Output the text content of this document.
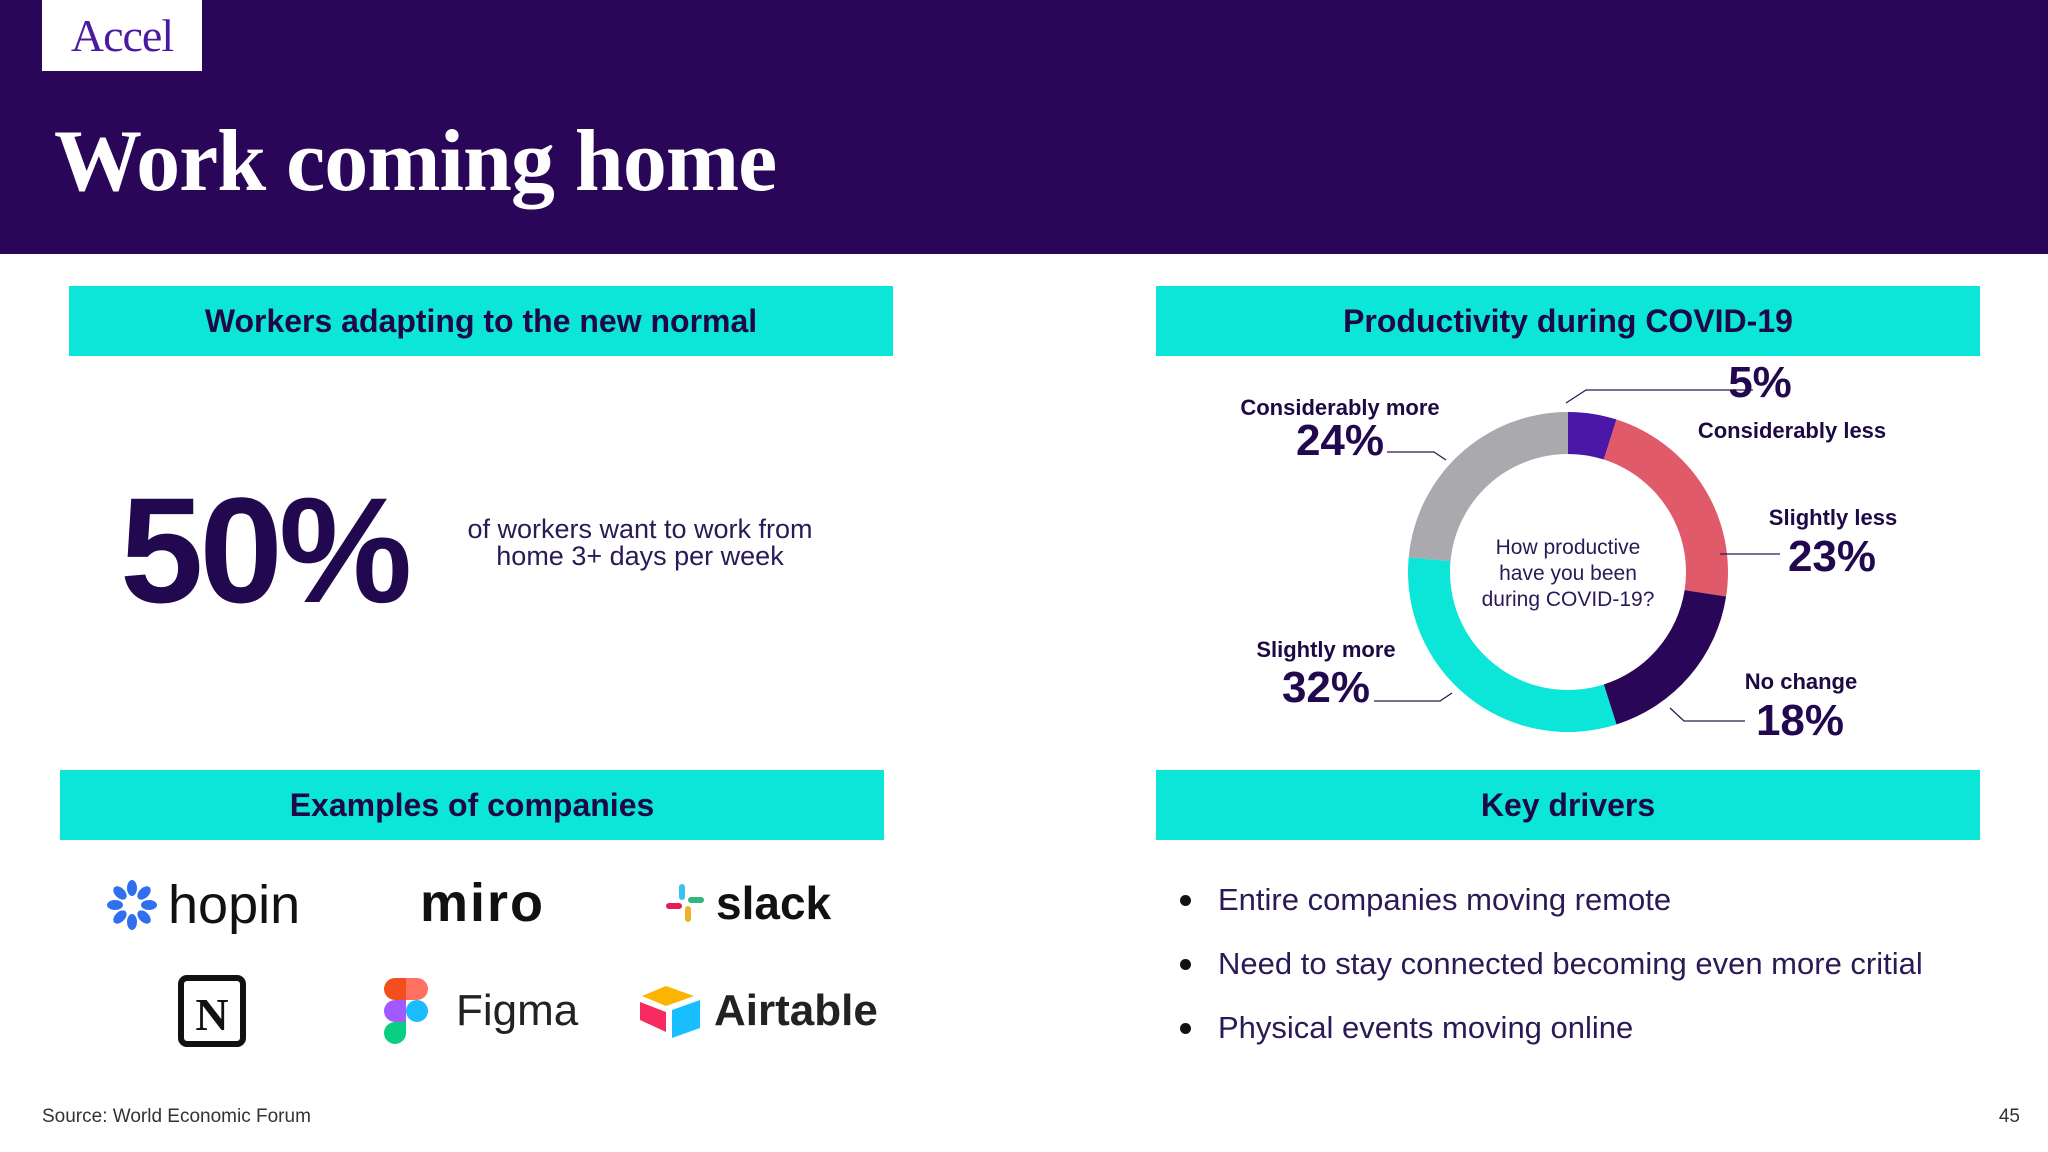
Accel
Work coming home
Workers adapting to the new normal	Productivity during COVID-19
Examples of companies	Key drivers
50%	of workers want to work from
home 3+ days per week
hopin miro	slack
N	Figma	Airtable
How productive
have you been
during COVID-19?
Considerably less
5%
Slightly less
23%
No change
18%
Slightly more
32%
Considerably more
24%
Entire companies moving remote
Need to stay connected becoming even more critial
Physical events moving online
Source: World Economic Forum	45
